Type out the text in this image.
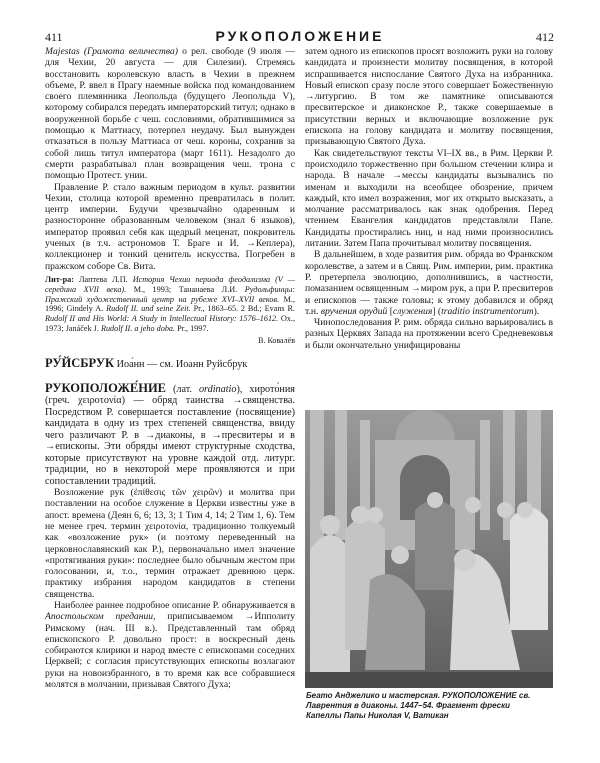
411	РУКОПОЛОЖЕНИЕ	412

Majestas (Грамота величества) о рел. свободе (9 июля — для Чехии, 20 августа — для Силезии). Стремясь восстановить королевскую власть в Чехии в прежнем объеме, Р. ввел в Прагу наемные войска под командованием своего племянника Леопольда (будущего Леопольда V), которому собирался передать императорский титул; однако в вооруженной борьбе с чеш. сословиями, обратившимися за помощью к Маттиасу, потерпел неудачу. Был вынужден отказаться в пользу Маттиаса от чеш. короны, сохранив за собой лишь титул императора (март 1611). Незадолго до смерти разрабатывал план возвращения чеш. трона с помощью Протест. унии.

Правление Р. стало важным периодом в культ. развитии Чехии, столица которой временно превратилась в полит. центр империи. Будучи чрезвычайно одаренным и разносторонне образованным человеком (знал 6 языков), император проявил себя как щедрый меценат, покровитель ученых (в т.ч. астрономов Т. Браге и И. →Кеплера), коллекционер и тонкий ценитель искусства. Погребен в пражском соборе Св. Вита.

Лит-ра: Лаптева Л.П. История Чехии периода феодализма (V — середина XVII века). М., 1993; Тананаева Л.И. Рудольфинцы: Пражский художественный центр на рубеже XVI–XVII веков. М., 1996; Gindely A. Rudolf II. und seine Zeit. Pr., 1863–65. 2 Bd.; Evans R. Rudolf II and His World: A Study in Intellectual History: 1576–1612. Ox., 1973; Janáček J. Rudolf II. a jeho doba. Pr., 1997.

В. Ковалёв

РУ́ЙСБРУК Иоа́нн — см. Иоанн Руйсбрук

РУКОПОЛОЖЕ́НИЕ (лат. ordinatio), хирото́ния (греч. χειροτονία) — обряд таинства →священства. Посредством Р. совершается поставление (посвящение) кандидата в одну из трех степеней священства, ввиду чего различают Р. в →диаконы, в →пресвитеры и в →епископы. Эти обряды имеют структурные сходства, которые присутствуют на уровне каждой отд. литург. традиции, но в некоторой мере проявляются и при сопоставлении традиций.

Возложение рук (ἐπίθεσις τῶν χειρῶν) и молитва при поставлении на особое служение в Церкви известны уже в апост. времена (Деян 6, 6; 13, 3; 1 Тим 4, 14; 2 Тим 1, 6). Тем не менее греч. термин χειροτονία, традиционно толкуемый как «возложение рук» (и поэтому переведенный на церковнославянский как Р.), первоначально имел значение «протягивания руки»: последнее было обычным жестом при голосовании, и, т.о., термин отражает древнюю церк. практику избрания народом кандидатов в степени священства.

Наиболее раннее подробное описание Р. обнаруживается в Апостольском предании, приписываемом →Ипполиту Римскому (нач. III в.). Представленный там обряд епископского Р. довольно прост: в воскресный день собираются клирики и народ вместе с епископами соседних Церквей; с согласия присутствующих епископы возлагают руки на новоизбранного, в то время как все собравшиеся молятся в молчании, призывая Святого Духа;

затем одного из епископов просят возложить руки на голову кандидата и произнести молитву посвящения, в которой испрашивается ниспослание Святого Духа на избранника. Новый епископ сразу после этого совершает Божественную →литургию. В том же памятнике описываются пресвитерское и диаконское Р., также совершаемые в присутствии верных и включающие возложение рук епископа на голову кандидата и молитву посвящения, призывающую Святого Духа.

Как свидетельствуют тексты VI–IX вв., в Рим. Церкви Р. происходило торжественно при большом стечении клира и народа. В начале →мессы кандидаты вызывались по именам и выходили на всеобщее обозрение, причем каждый, кто имел возражения, мог их открыто высказать, а молчание рассматривалось как знак одобрения. Перед чтением Евангелия кандидатов представляли Папе. Кандидаты простирались ниц, и над ними произносились литании. Затем Папа прочитывал молитву посвящения.

В дальнейшем, в ходе развития рим. обряда во Франкском королевстве, а затем и в Свящ. Рим. империи, рим. практика Р. претерпела эволюцию, дополнившись, в частности, помазанием освященным →миром рук, а при Р. пресвитеров и епископов — также головы; к этому добавился и обряд т.н. вручения орудий [служения] (traditio instrumentorum).

Чинопоследования Р. рим. обряда сильно варьировались в разных Церквях Запада на протяжении всего Средневековья и были окончательно унифицированы

Беато Анджелико и мастерская. РУКОПОЛОЖЕНИЕ св. Лаврентия в диаконы. 1447–54. Фрагмент фрески Капеллы Папы Николая V, Ватикан
